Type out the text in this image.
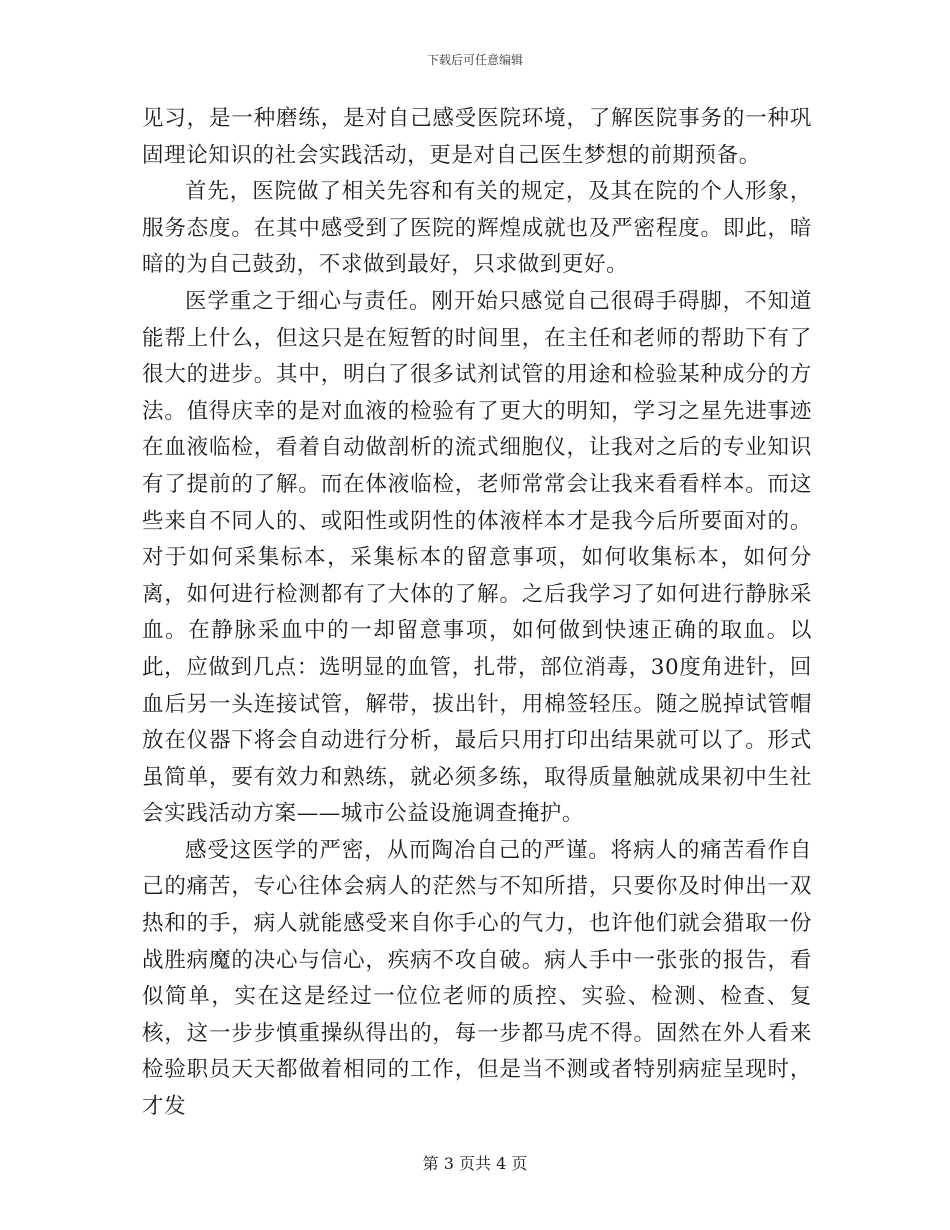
下载后可任意编辑

见习，是一种磨练，是对自己感受医院环境，了解医院事务的一种巩固理论知识的社会实践活动，更是对自己医生梦想的前期预备。

首先，医院做了相关先容和有关的规定，及其在院的个人形象，服务态度。在其中感受到了医院的辉煌成就也及严密程度。即此，暗暗的为自己鼓劲，不求做到最好，只求做到更好。

医学重之于细心与责任。刚开始只感觉自己很碍手碍脚，不知道能帮上什么，但这只是在短暂的时间里，在主任和老师的帮助下有了很大的进步。其中，明白了很多试剂试管的用途和检验某种成分的方法。值得庆幸的是对血液的检验有了更大的明知，学习之星先进事迹在血液临检，看着自动做剖析的流式细胞仪，让我对之后的专业知识有了提前的了解。而在体液临检，老师常常会让我来看看样本。而这些来自不同人的、或阳性或阴性的体液样本才是我今后所要面对的。对于如何采集标本，采集标本的留意事项，如何收集标本，如何分离，如何进行检测都有了大体的了解。之后我学习了如何进行静脉采血。在静脉采血中的一却留意事项，如何做到快速正确的取血。以此，应做到几点：选明显的血管，扎带，部位消毒，30度角进针，回血后另一头连接试管，解带，拔出针，用棉签轻压。随之脱掉试管帽放在仪器下将会自动进行分析，最后只用打印出结果就可以了。形式虽简单，要有效力和熟练，就必须多练，取得质量触就成果初中生社会实践活动方案——城市公益设施调查掩护。

感受这医学的严密，从而陶冶自己的严谨。将病人的痛苦看作自己的痛苦，专心往体会病人的茫然与不知所措，只要你及时伸出一双热和的手，病人就能感受来自你手心的气力，也许他们就会猎取一份战胜病魔的决心与信心，疾病不攻自破。病人手中一张张的报告，看似简单，实在这是经过一位位老师的质控、实验、检测、检查、复核，这一步步慎重操纵得出的，每一步都马虎不得。固然在外人看来检验职员天天都做着相同的工作，但是当不测或者特别病症呈现时，才发

第 3 页共 4 页
